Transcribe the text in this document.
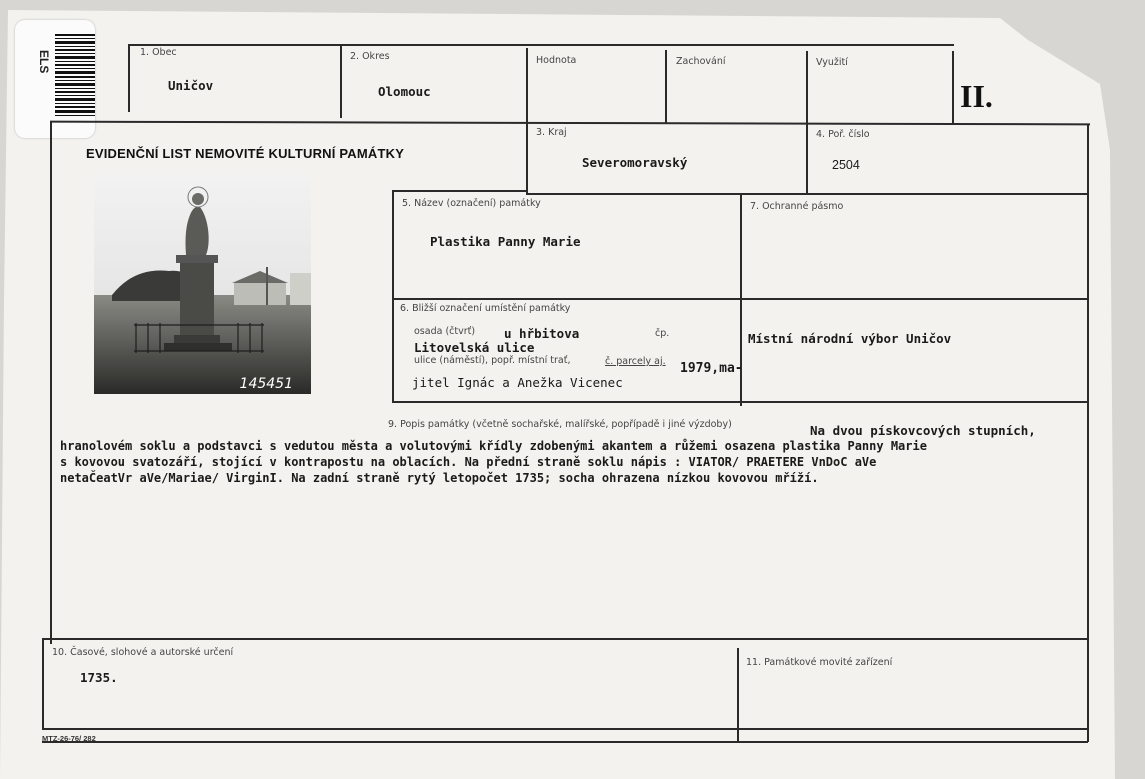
ELS	1. Obec
Uničov
2. Okres
Olomouc
Hodnota	Zachování	Využití
II.
EVIDENČNÍ LIST NEMOVITÉ KULTURNÍ PAMÁTKY
3. Kraj
Severomoravský
4. Poř. číslo
2504
145451
5. Název (označení) památky
Plastika Panny Marie
7. Ochranné pásmo
6. Bližší označení umístění památky
osada (čtvrť) u hřbitova	čp.
Litovelská ulice
ulice (náměstí), popř. místní trať,	č. parcely aj. 1979,ma-
jitel Ignác a Anežka Vicenec
Místní národní výbor Uničov
9. Popis památky (včetně sochařské, malířské, popřípadě i jiné výzdoby)	Na dvou pískovcových stupních,
hranolovém soklu a podstavci s vedutou města a volutovými křídly zdobenými akantem a růžemi osazena plastika Panny Marie
s kovovou svatozáří, stojící v kontrapostu na oblacích. Na přední straně soklu nápis : VIATOR/ PRAETERE VnDoC aVe
netaČeatVr aVe/Mariae/ VirginI. Na zadní straně rytý letopočet 1735; socha ohrazena nízkou kovovou mříží.
10. Časové, slohové a autorské určení
1735.
11. Památkové movité zařízení
MTZ-26-76/ 282
